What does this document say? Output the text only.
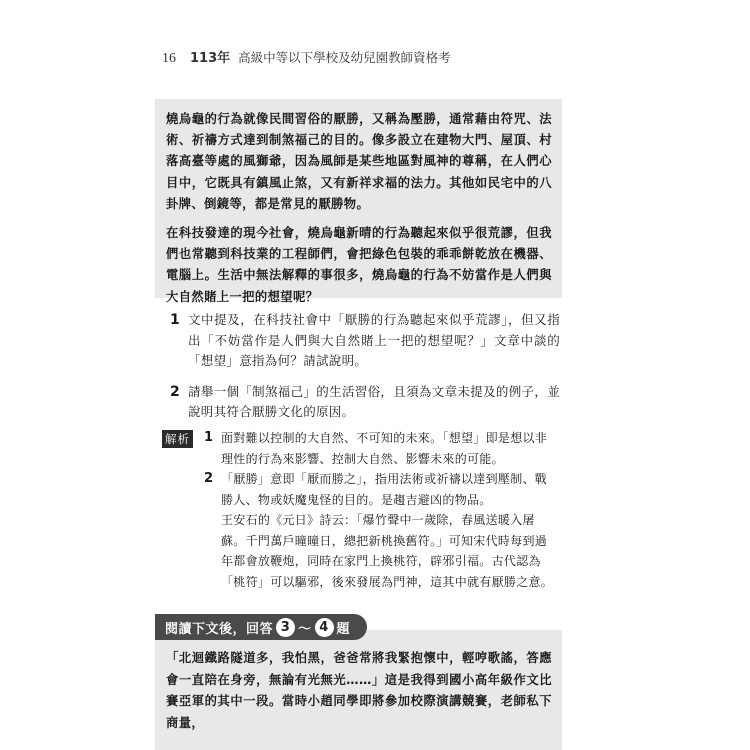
16 113年 高級中等以下學校及幼兒園教師資格考

燒烏龜的行為就像民間習俗的厭勝，又稱為壓勝，通常藉由符咒、法術、祈禱方式達到制煞福己的目的。像多設立在建物大門、屋頂、村落高臺等處的風獅爺，因為風師是某些地區對風神的尊稱，在人們心目中，它既具有鎮風止煞，又有新祥求福的法力。其他如民宅中的八卦牌、倒鏡等，都是常見的厭勝物。

在科技發達的現今社會，燒烏龜新晴的行為聽起來似乎很荒謬，但我們也常聽到科技業的工程師們，會把綠色包裝的乖乖餅乾放在機器、電腦上。生活中無法解釋的事很多，燒烏龜的行為不妨當作是人們與大自然賭上一把的想望呢？

1 文中提及，在科技社會中「厭勝的行為聽起來似乎荒謬」，但又指出「不妨當作是人們與大自然賭上一把的想望呢？」文章中談的「想望」意指為何？請試說明。
2 請舉一個「制煞福己」的生活習俗，且須為文章未提及的例子，並說明其符合厭勝文化的原因。
解析 1 面對難以控制的大自然、不可知的未來。「想望」即是想以非理性的行為來影響、控制大自然、影響未來的可能。

2 「厭勝」意即「厭而勝之」，指用法術或祈禱以達到壓制、戰勝人、物或妖魔鬼怪的目的。是趨吉避凶的物品。

王安石的《元日》詩云：「爆竹聲中一歲除，春風送暖入屠蘇。千門萬戶曈曈日，總把新桃換舊符。」可知宋代時每到過年都會放鞭炮，同時在家門上換桃符，辟邪引福。古代認為「桃符」可以驅邪，後來發展為門神，這其中就有厭勝之意。

「北迴鐵路隧道多，我怕黑，爸爸常將我緊抱懷中，輕哼歌謠，答應會一直陪在身旁，無論有光無光……」這是我得到國小高年級作文比賽亞軍的其中一段。當時小趙同學即將參加校際演講競賽，老師私下商量，

閱讀下文後，回答 3 ～ 4 題
